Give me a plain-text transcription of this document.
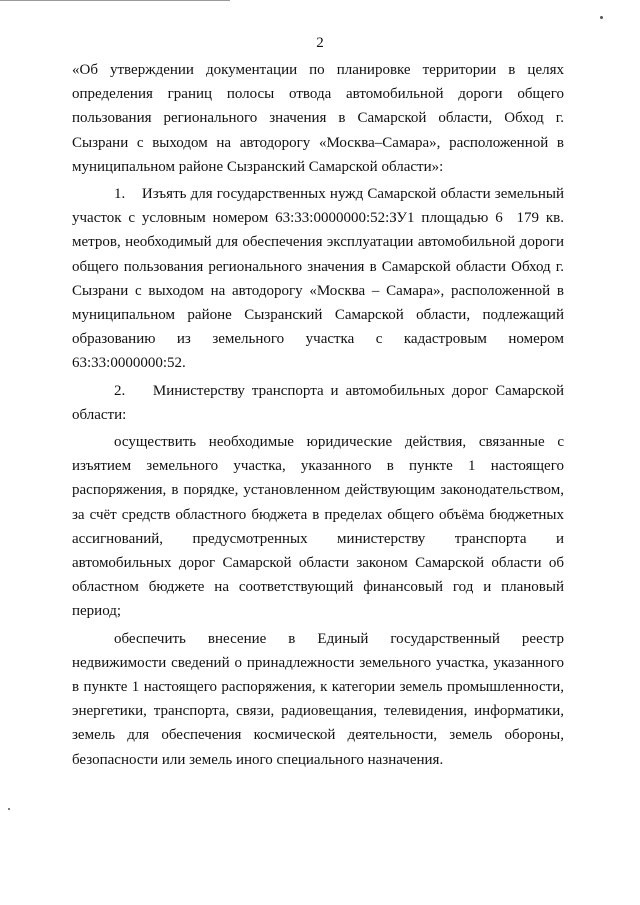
2

«Об утверждении документации по планировке территории в целях определения границ полосы отвода автомобильной дороги общего пользования регионального значения в Самарской области, Обход г. Сызрани с выходом на автодорогу «Москва–Самара», расположенной в муниципальном районе Сызранский Самарской области»:

1.    Изъять для государственных нужд Самарской области земельный участок с условным номером 63:33:0000000:52:ЗУ1 площадью 6  179 кв. метров, необходимый для обеспечения эксплуатации автомобильной дороги общего пользования регионального значения в Самарской области Обход г. Сызрани с выходом на автодорогу «Москва – Самара», расположенной в муниципальном районе Сызранский Самарской области, подлежащий образованию из земельного участка с кадастровым номером 63:33:0000000:52.

2.    Министерству транспорта и автомобильных дорог Самарской области:

осуществить необходимые юридические действия, связанные с изъятием земельного участка, указанного в пункте 1 настоящего распоряжения, в порядке, установленном действующим законодательством, за счёт средств областного бюджета в пределах общего объёма бюджетных ассигнований, предусмотренных министерству транспорта и автомобильных дорог Самарской области законом Самарской области об областном бюджете на соответствующий финансовый год и плановый период;

обеспечить внесение в Единый государственный реестр недвижимости сведений о принадлежности земельного участка, указанного в пункте 1 настоящего распоряжения, к категории земель промышленности, энергетики, транспорта, связи, радиовещания, телевидения, информатики, земель для обеспечения космической деятельности, земель обороны, безопасности или земель иного специального назначения.
